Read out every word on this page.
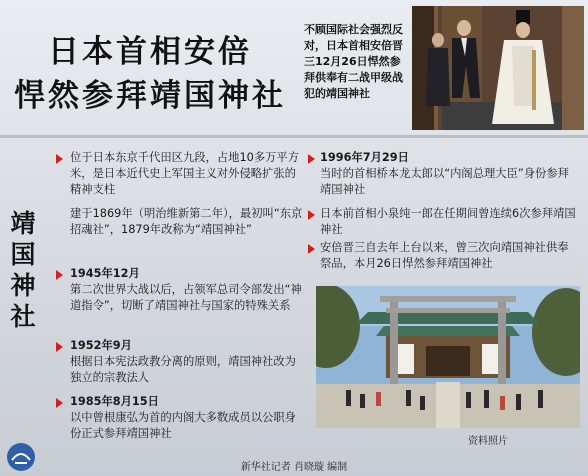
日本首相安倍
悍然参拜靖国神社
不顾国际社会强烈反对，日本首相安倍晋三12月26日悍然参拜供奉有二战甲级战犯的靖国神社
靖
国
神
社

位于日本东京千代田区九段，占地10多万平方米，是日本近代史上军国主义对外侵略扩张的精神支柱

建于1869年（明治维新第二年），最初叫“东京招魂社”，1879年改称为“靖国神社”

1945年12月

第二次世界大战以后，占领军总司令部发出“神道指令”，切断了靖国神社与国家的特殊关系

1952年9月

根据日本宪法政教分离的原则，靖国神社改为独立的宗教法人

1985年8月15日

以中曾根康弘为首的内阁大多数成员以公职身份正式参拜靖国神社

1996年7月29日

当时的首相桥本龙太郎以“内阁总理大臣”身份参拜靖国神社

日本前首相小泉纯一郎在任期间曾连续6次参拜靖国神社

安倍晋三自去年上台以来，曾三次向靖国神社供奉祭品，本月26日悍然参拜靖国神社

资料照片
新华社记者 肖晓璇 编制
